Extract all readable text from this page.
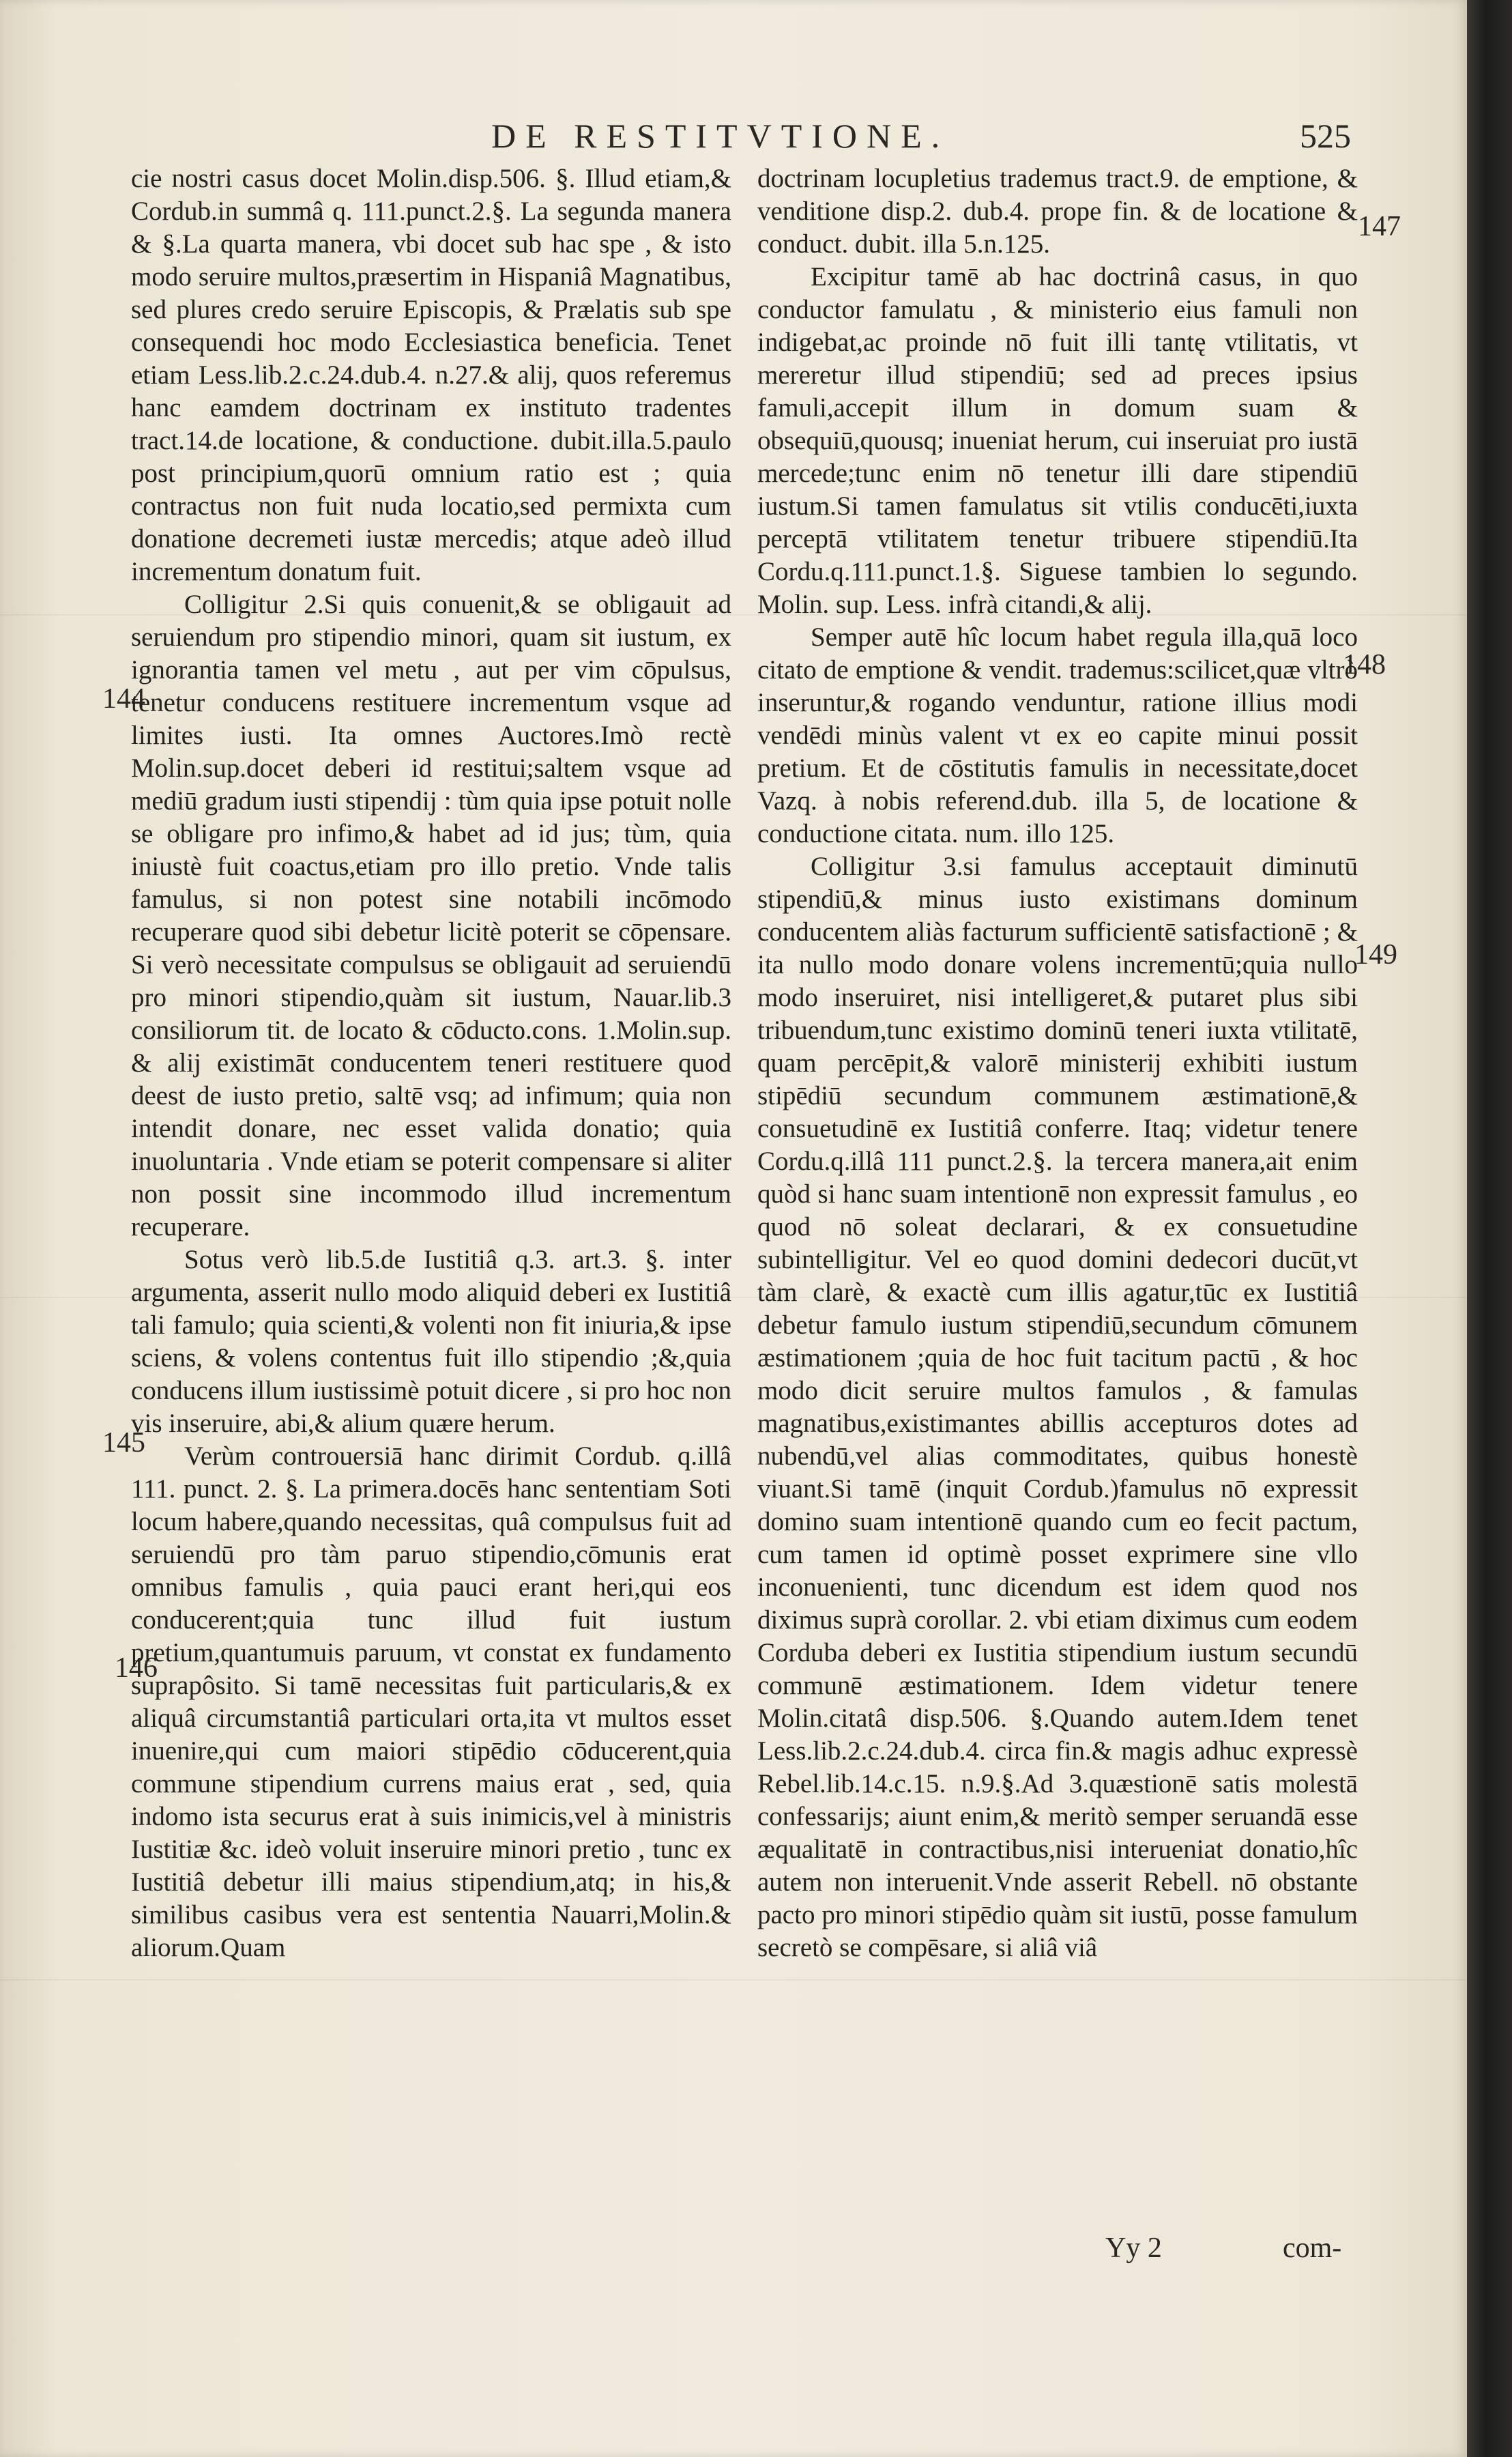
DE RESTITVTIONE.	525
144
145
146
147
148
149

cie nostri casus docet Molin.disp.506. §. Illud etiam,& Cordub.in summâ q. 111.punct.2.§. La segunda manera & §.La quarta manera, vbi docet sub hac spe , & isto modo seruire multos,præsertim in Hispaniâ Magnatibus, sed plures credo seruire Episcopis, & Prælatis sub spe consequendi hoc modo Ecclesiastica beneficia. Tenet etiam Less.lib.2.c.24.dub.4. n.27.& alij, quos referemus hanc eamdem doctrinam ex instituto tradentes tract.14.de locatione, & conductione. dubit.illa.5.paulo post principium,quorū omnium ratio est ; quia contractus non fuit nuda locatio,sed permixta cum donatione decremeti iustæ mercedis; atque adeò illud incrementum donatum fuit.

Colligitur 2.Si quis conuenit,& se obligauit ad seruiendum pro stipendio minori, quam sit iustum, ex ignorantia tamen vel metu , aut per vim cōpulsus, tenetur conducens restituere incrementum vsque ad limites iusti. Ita omnes Auctores.Imò rectè Molin.sup.docet deberi id restitui;saltem vsque ad mediū gradum iusti stipendij : tùm quia ipse potuit nolle se obligare pro infimo,& habet ad id jus; tùm, quia iniustè fuit coactus,etiam pro illo pretio. Vnde talis famulus, si non potest sine notabili incōmodo recuperare quod sibi debetur licitè poterit se cōpensare. Si verò necessitate compulsus se obligauit ad seruiendū pro minori stipendio,quàm sit iustum, Nauar.lib.3 consiliorum tit. de locato & cōducto.cons. 1.Molin.sup. & alij existimāt conducentem teneri restituere quod deest de iusto pretio, saltē vsq; ad infimum; quia non intendit donare, nec esset valida donatio; quia inuoluntaria . Vnde etiam se poterit compensare si aliter non possit sine incommodo illud incrementum recuperare.

Sotus verò lib.5.de Iustitiâ q.3. art.3. §. inter argumenta, asserit nullo modo aliquid deberi ex Iustitiâ tali famulo; quia scienti,& volenti non fit iniuria,& ipse sciens, & volens contentus fuit illo stipendio ;&,quia conducens illum iustissimè potuit dicere , si pro hoc non vis inseruire, abi,& alium quære herum.

Verùm controuersiā hanc dirimit Cordub. q.illâ 111. punct. 2. §. La primera.docēs hanc sententiam Soti locum habere,quando necessitas, quâ compulsus fuit ad seruiendū pro tàm paruo stipendio,cōmunis erat omnibus famulis , quia pauci erant heri,qui eos conducerent;quia tunc illud fuit iustum pretium,quantumuis paruum, vt constat ex fundamento suprapôsito. Si tamē necessitas fuit particularis,& ex aliquâ circumstantiâ particulari orta,ita vt multos esset inuenire,qui cum maiori stipēdio cōducerent,quia commune stipendium currens maius erat , sed, quia indomo ista securus erat à suis inimicis,vel à ministris Iustitiæ &c. ideò voluit inseruire minori pretio , tunc ex Iustitiâ debetur illi maius stipendium,atq; in his,& similibus casibus vera est sententia Nauarri,Molin.& aliorum.Quam

doctrinam locupletius trademus tract.9. de emptione, & venditione disp.2. dub.4. prope fin. & de locatione & conduct. dubit. illa 5.n.125.

Excipitur tamē ab hac doctrinâ casus, in quo conductor famulatu , & ministerio eius famuli non indigebat,ac proinde nō fuit illi tantę vtilitatis, vt mereretur illud stipendiū; sed ad preces ipsius famuli,accepit illum in domum suam & obsequiū,quousq; inueniat herum, cui inseruiat pro iustā mercede;tunc enim nō tenetur illi dare stipendiū iustum.Si tamen famulatus sit vtilis conducēti,iuxta perceptā vtilitatem tenetur tribuere stipendiū.Ita Cordu.q.111.punct.1.§. Siguese tambien lo segundo. Molin. sup. Less. infrà citandi,& alij.

Semper autē hîc locum habet regula illa,quā loco citato de emptione & vendit. trademus:scilicet,quæ vltrò inseruntur,& rogando venduntur, ratione illius modi vendēdi minùs valent vt ex eo capite minui possit pretium. Et de cōstitutis famulis in necessitate,docet Vazq. à nobis referend.dub. illa 5, de locatione & conductione citata. num. illo 125.

Colligitur 3.si famulus acceptauit diminutū stipendiū,& minus iusto existimans dominum conducentem aliàs facturum sufficientē satisfactionē ; & ita nullo modo donare volens incrementū;quia nullo modo inseruiret, nisi intelligeret,& putaret plus sibi tribuendum,tunc existimo dominū teneri iuxta vtilitatē, quam percēpit,& valorē ministerij exhibiti iustum stipēdiū secundum communem æstimationē,& consuetudinē ex Iustitiâ conferre. Itaq; videtur tenere Cordu.q.illâ 111 punct.2.§. la tercera manera,ait enim quòd si hanc suam intentionē non expressit famulus , eo quod nō soleat declarari, & ex consuetudine subintelligitur. Vel eo quod domini dedecori ducūt,vt tàm clarè, & exactè cum illis agatur,tūc ex Iustitiâ debetur famulo iustum stipendiū,secundum cōmunem æstimationem ;quia de hoc fuit tacitum pactū , & hoc modo dicit seruire multos famulos , & famulas magnatibus,existimantes abillis accepturos dotes ad nubendū,vel alias commoditates, quibus honestè viuant.Si tamē (inquit Cordub.)famulus nō expressit domino suam intentionē quando cum eo fecit pactum, cum tamen id optimè posset exprimere sine vllo inconuenienti, tunc dicendum est idem quod nos diximus suprà corollar. 2. vbi etiam diximus cum eodem Corduba deberi ex Iustitia stipendium iustum secundū communē æstimationem. Idem videtur tenere Molin.citatâ disp.506. §.Quando autem.Idem tenet Less.lib.2.c.24.dub.4. circa fin.& magis adhuc expressè Rebel.lib.14.c.15. n.9.§.Ad 3.quæstionē satis molestā confessarijs; aiunt enim,& meritò semper seruandā esse æqualitatē in contractibus,nisi interueniat donatio,hîc autem non interuenit.Vnde asserit Rebell. nō obstante pacto pro minori stipēdio quàm sit iustū, posse famulum secretò se compēsare, si aliâ viâ

Yy 2	com-
